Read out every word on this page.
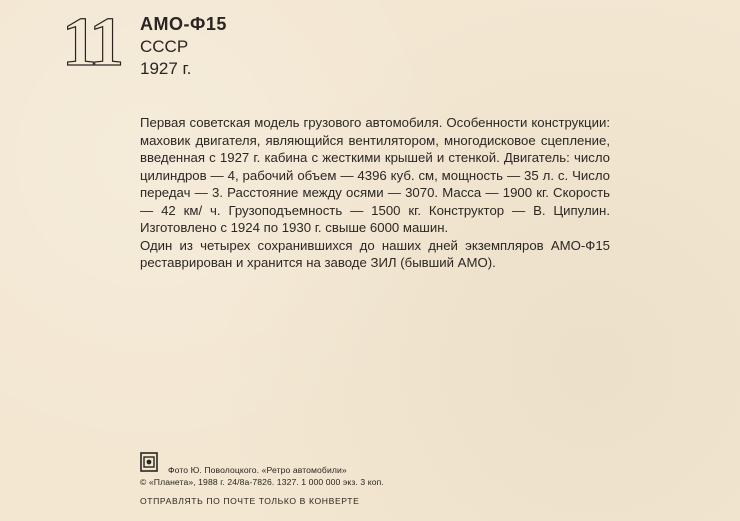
11 АМО-Ф15
СССР
1927 г.

Первая советская модель грузового автомобиля. Особенности конструкции: маховик двигателя, являющийся вентилятором, многодисковое сцепление, введенная с 1927 г. кабина с жесткими крышей и стенкой. Двигатель: число цилиндров — 4, рабочий объем — 4396 куб. см, мощность — 35 л. с. Число передач — 3. Расстояние между осями — 3070. Масса — 1900 кг. Скорость — 42 км/ ч. Грузоподъемность — 1500 кг. Конструктор — В. Ципулин. Изготовлено с 1924 по 1930 г. свыше 6000 машин.

Один из четырех сохранившихся до наших дней экземпляров АМО-Ф15 реставрирован и хранится на заводе ЗИЛ (бывший АМО).

Фото Ю. Поволоцкого. «Ретро автомобили»
© «Планета», 1988 г. 24/8а-7826. 1327. 1 000 000 экз. 3 коп.
ОТПРАВЛЯТЬ ПО ПОЧТЕ ТОЛЬКО В КОНВЕРТЕ
